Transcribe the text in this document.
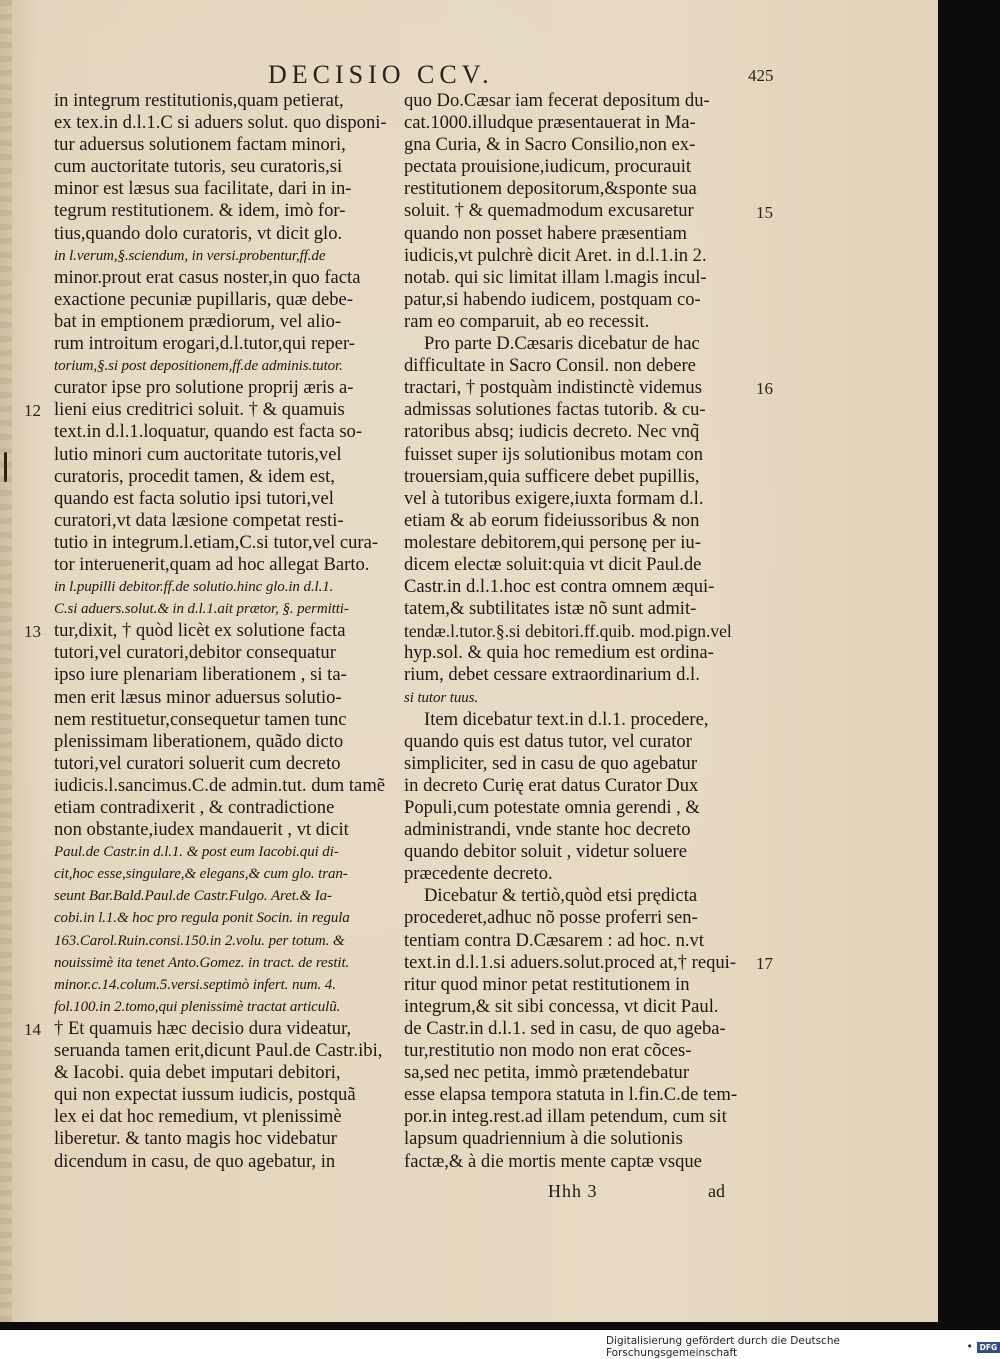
DECISIO CCV.	425
in integrum restitutionis,quam petierat,
ex tex.in d.l.1.C si aduers solut. quo disponi-
tur aduersus solutionem factam minori,
cum auctoritate tutoris, seu curatoris,si
minor est læsus sua facilitate, dari in in-
tegrum restitutionem. & idem, imò for-
tius,quando dolo curatoris, vt dicit glo.
in l.verum,§.sciendum, in versi.probentur,ff.de
minor.prout erat casus noster,in quo facta
exactione pecuniæ pupillaris, quæ debe-
bat in emptionem prædiorum, vel alio-
rum introitum erogari,d.l.tutor,qui reper-
torium,§.si post depositionem,ff.de adminis.tutor.
curator ipse pro solutione proprij æris a-
lieni eius creditrici soluit. † & quamuis
text.in d.l.1.loquatur, quando est facta so-
lutio minori cum auctoritate tutoris,vel
curatoris, procedit tamen, & idem est,
quando est facta solutio ipsi tutori,vel
curatori,vt data læsione competat resti-
tutio in integrum.l.etiam,C.si tutor,vel cura-
tor interuenerit,quam ad hoc allegat Barto.
in l.pupilli debitor.ff.de solutio.hinc glo.in d.l.1.
C.si aduers.solut.& in d.l.1.ait prætor, §. permitti-
tur,dixit, † quòd licèt ex solutione facta
tutori,vel curatori,debitor consequatur
ipso iure plenariam liberationem , si ta-
men erit læsus minor aduersus solutio-
nem restituetur,consequetur tamen tunc
plenissimam liberationem, quãdo dicto
tutori,vel curatori soluerit cum decreto
iudicis.l.sancimus.C.de admin.tut. dum tamẽ
etiam contradixerit , & contradictione
non obstante,iudex mandauerit , vt dicit
Paul.de Castr.in d.l.1. & post eum Iacobi.qui di-
cit,hoc esse,singulare,& elegans,& cum glo. tran-
seunt Bar.Bald.Paul.de Castr.Fulgo. Aret.& Ia-
cobi.in l.1.& hoc pro regula ponit Socin. in regula
163.Carol.Ruin.consi.150.in 2.volu. per totum. &
nouissimè ita tenet Anto.Gomez. in tract. de restit.
minor.c.14.colum.5.versi.septimò infert. num. 4.
fol.100.in 2.tomo,qui plenissimè tractat articulũ.
† Et quamuis hæc decisio dura videatur,
seruanda tamen erit,dicunt Paul.de Castr.ibi,
& Iacobi. quia debet imputari debitori,
qui non expectat iussum iudicis, postquã
lex ei dat hoc remedium, vt plenissimè
liberetur. & tanto magis hoc videbatur
dicendum in casu, de quo agebatur, in
quo Do.Cæsar iam fecerat depositum du-
cat.1000.illudque præsentauerat in Ma-
gna Curia, & in Sacro Consilio,non ex-
pectata prouisione,iudicum, procurauit
restitutionem depositorum,&sponte sua
soluit. † & quemadmodum excusaretur
quando non posset habere præsentiam
iudicis,vt pulchrè dicit Aret. in d.l.1.in 2.
notab. qui sic limitat illam l.magis incul-
patur,si habendo iudicem, postquam co-
ram eo comparuit, ab eo recessit.
Pro parte D.Cæsaris dicebatur de hac
difficultate in Sacro Consil. non debere
tractari, † postquàm indistinctè videmus
admissas solutiones factas tutorib. & cu-
ratoribus absq; iudicis decreto. Nec vnq̃
fuisset super ijs solutionibus motam con
trouersiam,quia sufficere debet pupillis,
vel à tutoribus exigere,iuxta formam d.l.
etiam & ab eorum fideiussoribus & non
molestare debitorem,qui personę per iu-
dicem electæ soluit:quia vt dicit Paul.de
Castr.in d.l.1.hoc est contra omnem æqui-
tatem,& subtilitates istæ nõ sunt admit-
tendæ.l.tutor.§.si debitori.ff.quib. mod.pign.vel
hyp.sol. & quia hoc remedium est ordina-
rium, debet cessare extraordinarium d.l.
si tutor tuus.
Item dicebatur text.in d.l.1. procedere,
quando quis est datus tutor, vel curator
simpliciter, sed in casu de quo agebatur
in decreto Curię erat datus Curator Dux
Populi,cum potestate omnia gerendi , &
administrandi, vnde stante hoc decreto
quando debitor soluit , videtur soluere
præcedente decreto.
Dicebatur & tertiò,quòd etsi prędicta
procederet,adhuc nõ posse proferri sen-
tentiam contra D.Cæsarem : ad hoc. n.vt
text.in d.l.1.si aduers.solut.proced at,† requi-
ritur quod minor petat restitutionem in
integrum,& sit sibi concessa, vt dicit Paul.
de Castr.in d.l.1. sed in casu, de quo ageba-
tur,restitutio non modo non erat cõces-
sa,sed nec petita, immò prætendebatur
esse elapsa tempora statuta in l.fin.C.de tem-
por.in integ.rest.ad illam petendum, cum sit
lapsum quadriennium à die solutionis
factæ,& à die mortis mente captæ vsque
12
13
14
15
16
17
Hhh 3	ad
Digitalisierung gefördert durch die Deutsche Forschungsgemeinschaft	• DFG
